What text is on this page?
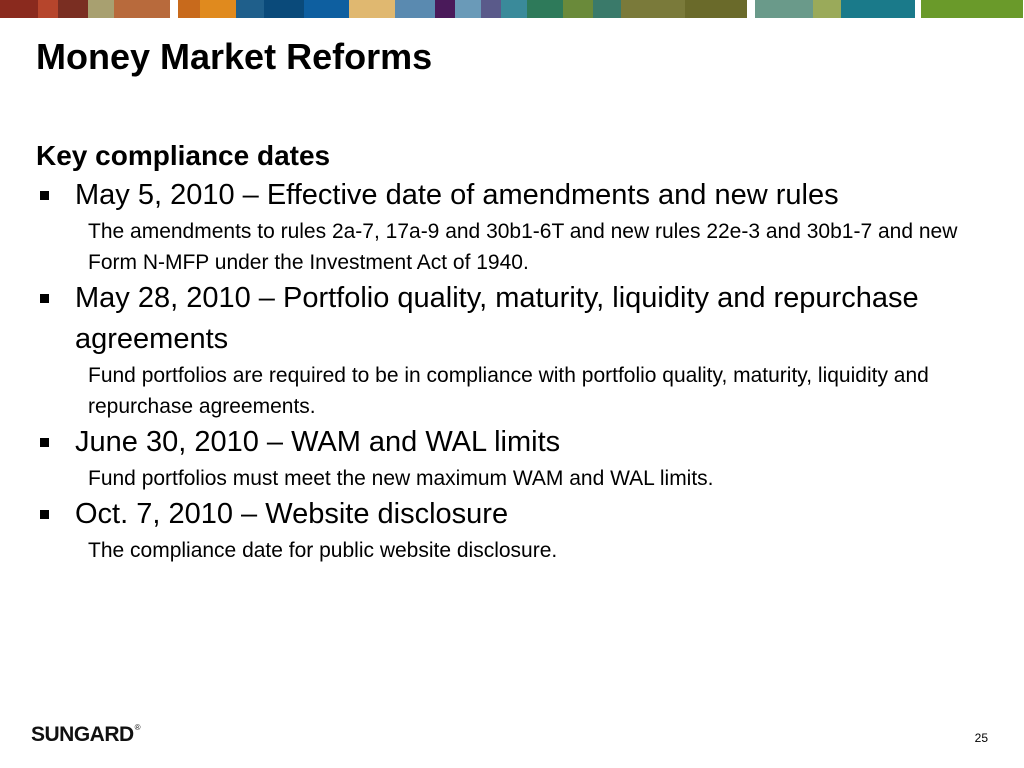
Money Market Reforms
Key compliance dates
May 5, 2010 – Effective date of amendments and new rules
The amendments to rules 2a-7, 17a-9 and 30b1-6T and new rules 22e-3 and 30b1-7 and new Form N-MFP under the Investment Act of 1940.
May 28, 2010 – Portfolio quality, maturity, liquidity and repurchase agreements
Fund portfolios are required to be in compliance with portfolio quality, maturity, liquidity and repurchase agreements.
June 30, 2010 – WAM and WAL limits
Fund portfolios must meet the new maximum WAM and WAL limits.
Oct. 7, 2010 – Website disclosure
The compliance date for public website disclosure.
SUNGARD ®
25
